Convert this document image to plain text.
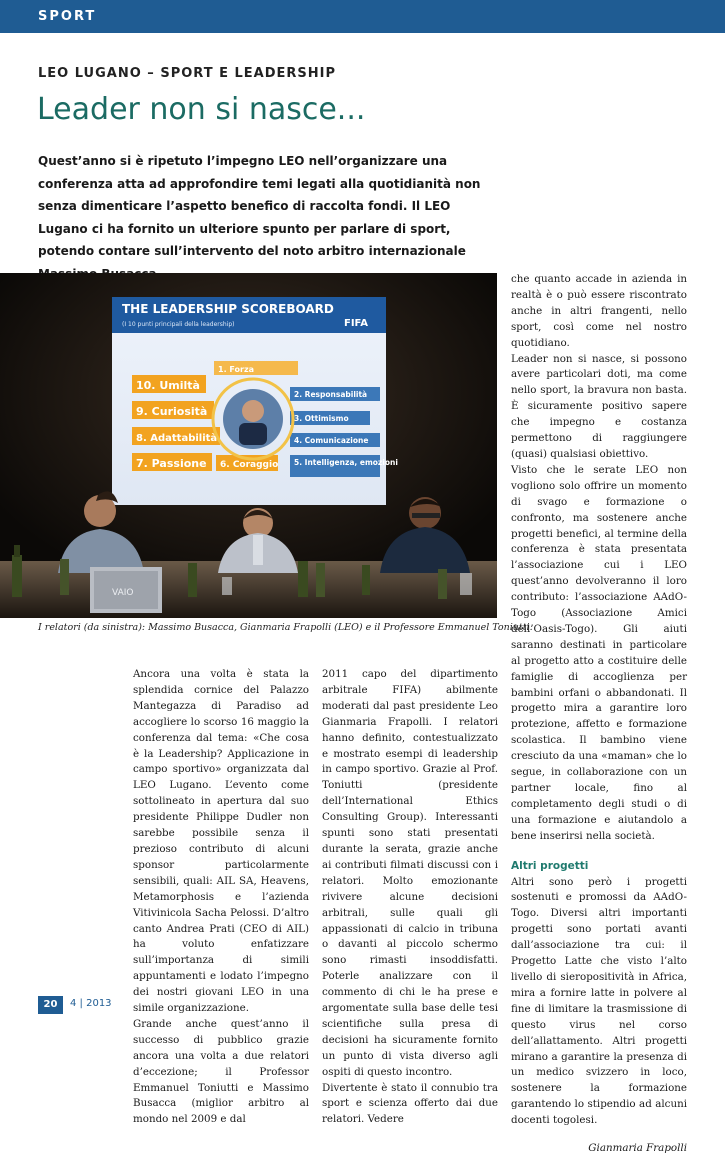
SPORT
LEO LUGANO – SPORT E LEADERSHIP
Leader non si nasce...
Quest’anno si è ripetuto l’impegno LEO nell’organizzare una conferenza atta ad approfondire temi legati alla quotidianità non senza dimenticare l’aspetto benefico di raccolta fondi. Il LEO Lugano ci ha fornito un ulteriore spunto per parlare di sport, potendo contare sull’intervento del noto arbitro internazionale
THE LEADERSHIP SCOREBOARD
(I 10 punti principali della leadership)	FIFA
10. Umiltà
9. Curiosità
8. Adattabilità
7. Passione
1. Forza
6. Coraggio
2. Responsabilità
3. Ottimismo
4. Comunicazione
5. Intelligenza, emozioni
VAIO
I relatori (da sinistra): Massimo Busacca, Gianmaria Frapolli (LEO) e il Professore Emmanuel Toniutti.

Ancora una volta è stata la splendida cornice del Palazzo Mantegazza di Paradiso ad accogliere lo scorso 16 maggio la conferenza dal tema: «Che cosa è la Leadership? Applicazione in campo sportivo» organizzata dal LEO Lugano. L’evento come sottolineato in apertura dal suo presidente Philippe Dudler non sarebbe possibile senza il prezioso contributo di alcuni sponsor particolarmente sensibili, quali: AIL SA, Heavens, Metamorphosis e l’azienda Vitivinicola Sacha Pelossi. D’altro canto Andrea Prati (CEO di AIL) ha voluto enfatizzare sull’importanza di simili appuntamenti e lodato l’impegno dei nostri giovani LEO in una simile organizzazione.

Grande anche quest’anno il successo di pubblico grazie ancora una volta a due relatori d’eccezione; il Professor Emmanuel Toniutti e Massimo Busacca (miglior arbitro al mondo nel 2009 e dal

2011 capo del dipartimento arbitrale FIFA) abilmente moderati dal past presidente Leo Gianmaria Frapolli. I relatori hanno definito, contestualizzato e mostrato esempi di leadership in campo sportivo. Grazie al Prof. Toniutti (presidente dell’International Ethics Consulting Group). Interessanti spunti sono stati presentati durante la serata, grazie anche ai contributi filmati discussi con i relatori. Molto emozionante rivivere alcune decisioni arbitrali, sulle quali gli appassionati di calcio in tribuna o davanti al piccolo schermo sono rimasti insoddisfatti. Poterle analizzare con il commento di chi le ha prese e argomentate sulla base delle tesi scientifiche sulla presa di decisioni ha sicuramente fornito un punto di vista diverso agli ospiti di questo incontro.

Divertente è stato il connubio tra sport e scienza offerto dai due relatori. Vedere

che quanto accade in azienda in realtà è o può essere riscontrato anche in altri frangenti, nello sport, così come nel nostro quotidiano.

Leader non si nasce, si possono avere particolari doti, ma come nello sport, la bravura non basta. È sicuramente positivo sapere che impegno e costanza permettono di raggiungere (quasi) qualsiasi obiettivo.

Visto che le serate LEO non vogliono solo offrire un momento di svago e formazione o confronto, ma sostenere anche progetti benefici, al termine della conferenza è stata presentata l’associazione cui i LEO quest’anno devolveranno il loro contributo: l’associazione AAdO-Togo (Associazione Amici dell’Oasis-Togo). Gli aiuti saranno destinati in particolare al progetto atto a costituire delle famiglie di accoglienza per bambini orfani o abbandonati. Il progetto mira a garantire loro protezione, affetto e formazione scolastica. Il bambino viene cresciuto da una «maman» che lo segue, in collaborazione con un partner locale, fino al completamento degli studi o di una formazione e aiutandolo a bene inserirsi nella società.

Altri progetti

Altri sono però i progetti sostenuti e promossi da AAdO-Togo. Diversi altri importanti progetti sono portati avanti dall’associazione tra cui: il Progetto Latte che visto l’alto livello di sieropositività in Africa, mira a fornire latte in polvere al fine di limitare la trasmissione di questo virus nel corso dell’allattamento. Altri progetti mirano a garantire la presenza di un medico svizzero in loco, sostenere la formazione garantendo lo stipendio ad alcuni docenti togolesi.

Gianmaria Frapolli

20	4 | 2013
